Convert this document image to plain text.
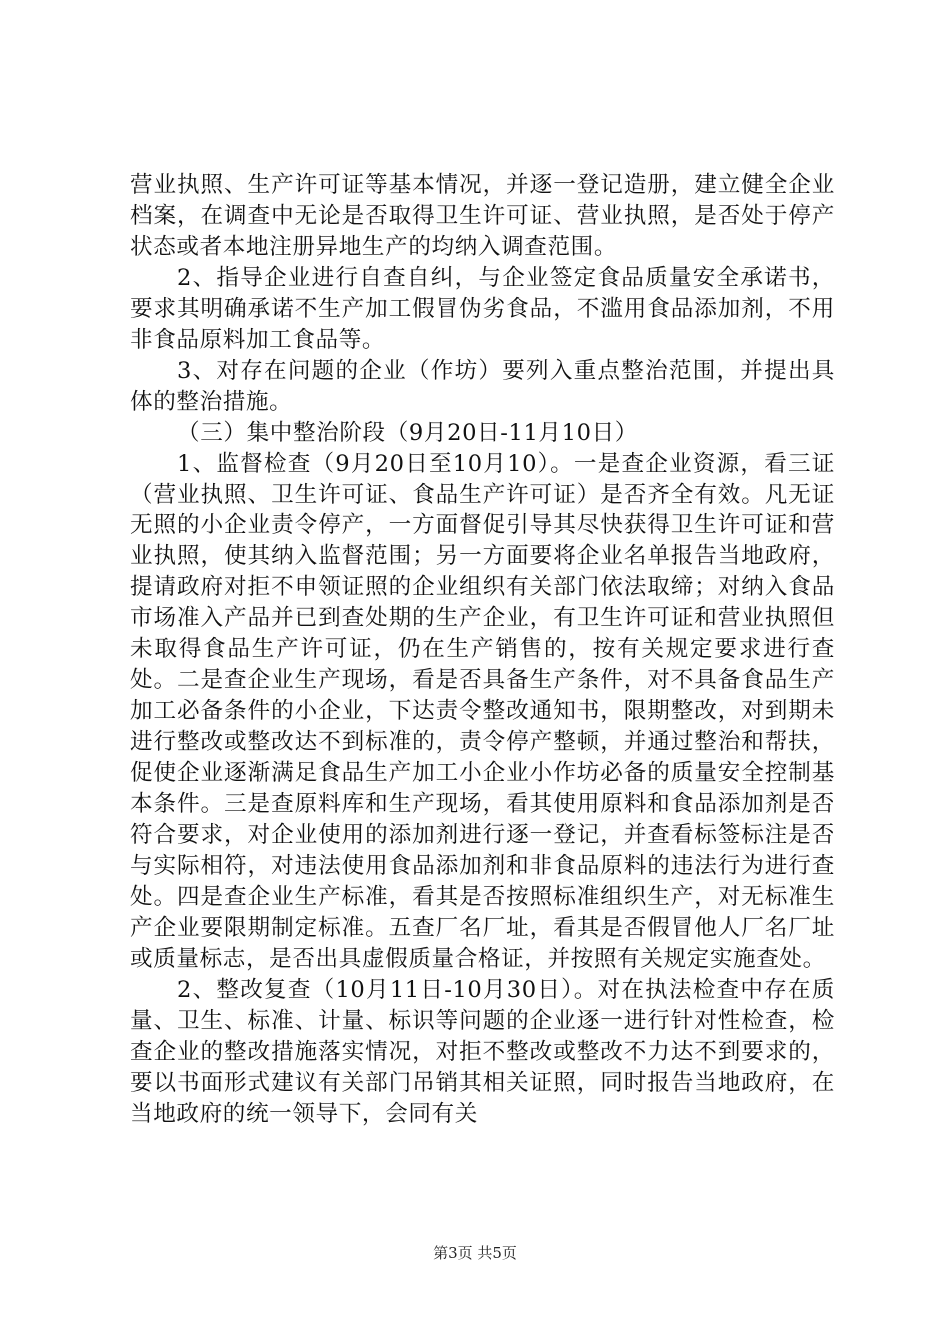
营业执照、生产许可证等基本情况，并逐一登记造册，建立健全企业档案，在调查中无论是否取得卫生许可证、营业执照，是否处于停产状态或者本地注册异地生产的均纳入调查范围。

2、指导企业进行自查自纠，与企业签定食品质量安全承诺书，要求其明确承诺不生产加工假冒伪劣食品，不滥用食品添加剂，不用非食品原料加工食品等。

3、对存在问题的企业（作坊）要列入重点整治范围，并提出具体的整治措施。

（三）集中整治阶段（9月20日-11月10日）

1、监督检查（9月20日至10月10）。一是查企业资源，看三证（营业执照、卫生许可证、食品生产许可证）是否齐全有效。凡无证无照的小企业责令停产，一方面督促引导其尽快获得卫生许可证和营业执照，使其纳入监督范围；另一方面要将企业名单报告当地政府，提请政府对拒不申领证照的企业组织有关部门依法取缔；对纳入食品市场准入产品并已到查处期的生产企业，有卫生许可证和营业执照但未取得食品生产许可证，仍在生产销售的，按有关规定要求进行查处。二是查企业生产现场，看是否具备生产条件，对不具备食品生产加工必备条件的小企业，下达责令整改通知书，限期整改，对到期未进行整改或整改达不到标准的，责令停产整顿，并通过整治和帮扶，促使企业逐渐满足食品生产加工小企业小作坊必备的质量安全控制基本条件。三是查原料库和生产现场，看其使用原料和食品添加剂是否符合要求，对企业使用的添加剂进行逐一登记，并查看标签标注是否与实际相符，对违法使用食品添加剂和非食品原料的违法行为进行查处。四是查企业生产标准，看其是否按照标准组织生产，对无标准生产企业要限期制定标准。五查厂名厂址，看其是否假冒他人厂名厂址或质量标志，是否出具虚假质量合格证，并按照有关规定实施查处。

2、整改复查（10月11日-10月30日）。对在执法检查中存在质量、卫生、标准、计量、标识等问题的企业逐一进行针对性检查，检查企业的整改措施落实情况，对拒不整改或整改不力达不到要求的，要以书面形式建议有关部门吊销其相关证照，同时报告当地政府，在当地政府的统一领导下，会同有关

第3页 共5页
